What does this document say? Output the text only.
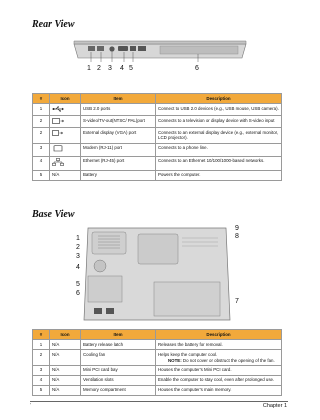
Rear View
1 2 3 4 5	6
#	Icon	Item	Description
1		USB 2.0 ports	Connect to USB 2.0 devices (e.g., USB mouse, USB camera).
2		S-video/TV-out(NTSC/ PAL)port	Connects to a television or display device with S-video input
2		External display (VGA) port	Connects to an external display device (e.g., external monitor, LCD projector).
3		Modem (RJ-11) port	Connects to a phone line.
4		Ethernet (RJ-45) port	Connects to an Ethernet 10/100/1000-based networks.
5	N/A	Battery	Powers the computer.
Base View
1
2
3
4
5
6
9
8
7
#	Icon	Item	Description
1	N/A	Battery release latch	Releases the battery for removal.
2	N/A	Cooling fan	Helps keep the computer cool.
NOTE: Do not cover or obstruct the opening of the fan.
3	N/A	Mini PCI card bay	Houses the computer's Mini PCI card.
4	N/A	Ventilation slots	Enable the computer to stay cool, even after prolonged use.
5	N/A	Memory compartment	Houses the computer's main memory.
'	Chapter 1
